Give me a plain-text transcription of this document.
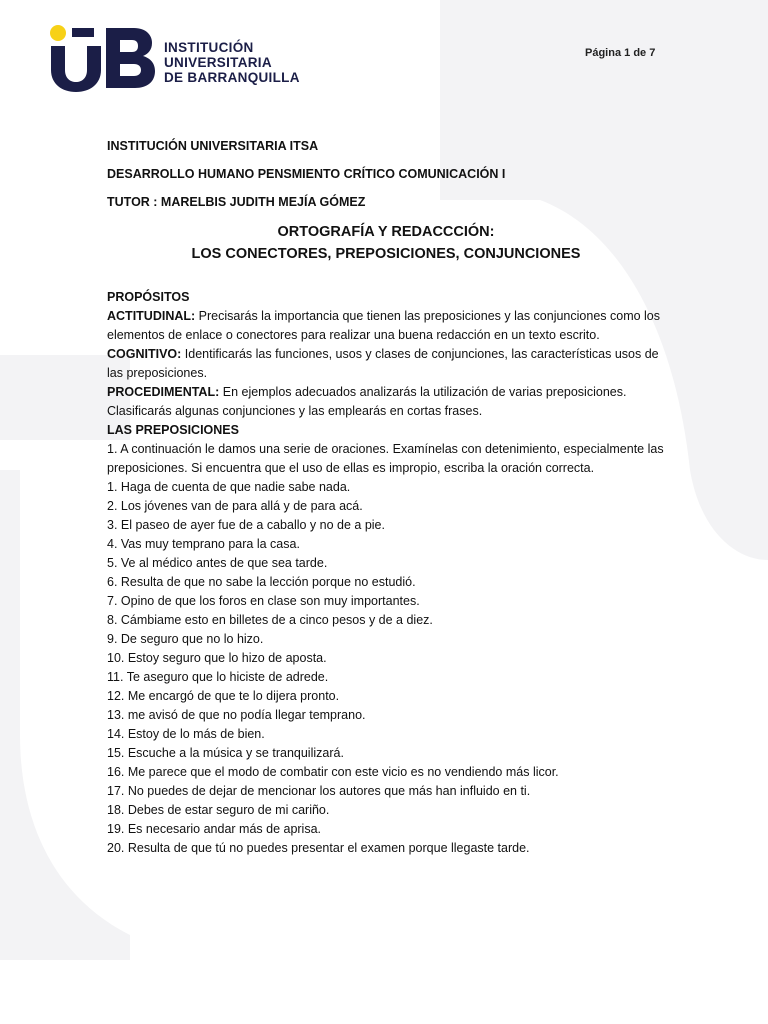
INSTITUCIÓN
UNIVERSITARIA
DE BARRANQUILLA
Página 1 de 7
INSTITUCIÓN UNIVERSITARIA ITSA
DESARROLLO HUMANO PENSMIENTO CRÍTICO COMUNICACIÓN I
TUTOR : MARELBIS JUDITH MEJÍA GÓMEZ
ORTOGRAFÍA Y REDACCCIÓN:
LOS CONECTORES, PREPOSICIONES, CONJUNCIONES

PROPÓSITOS

ACTITUDINAL: Precisarás la importancia que tienen las preposiciones y las conjunciones como los elementos de enlace o conectores para realizar una buena redacción en un texto escrito.

COGNITIVO: Identificarás las funciones, usos y clases de conjunciones, las características usos de las preposiciones.

PROCEDIMENTAL: En ejemplos adecuados analizarás la utilización de varias preposiciones. Clasificarás algunas conjunciones y las emplearás en cortas frases.

LAS PREPOSICIONES

1. A continuación le damos una serie de oraciones. Examínelas con detenimiento, especialmente las preposiciones. Si encuentra que el uso de ellas es impropio, escriba la oración correcta.

1. Haga de cuenta de que nadie sabe nada.

2. Los jóvenes van de para allá y de para acá.

3. El paseo de ayer fue de a caballo y no de a pie.

4. Vas muy temprano para la casa.

5. Ve al médico antes de que sea tarde.

6. Resulta de que no sabe la lección porque no estudió.

7. Opino de que los foros en clase son muy importantes.

8. Cámbiame esto en billetes de a cinco pesos y de a diez.

9. De seguro que no lo hizo.

10. Estoy seguro que lo hizo de aposta.

11. Te aseguro que lo hiciste de adrede.

12. Me encargó de que te lo dijera pronto.

13. me avisó de que no podía llegar temprano.

14. Estoy de lo más de bien.

15. Escuche a la música y se tranquilizará.

16. Me parece que el modo de combatir con este vicio es no vendiendo más licor.

17. No puedes de dejar de mencionar los autores que más han influido en ti.

18. Debes de estar seguro de mi cariño.

19. Es necesario andar más de aprisa.

20. Resulta de que tú no puedes presentar el examen porque llegaste tarde.
